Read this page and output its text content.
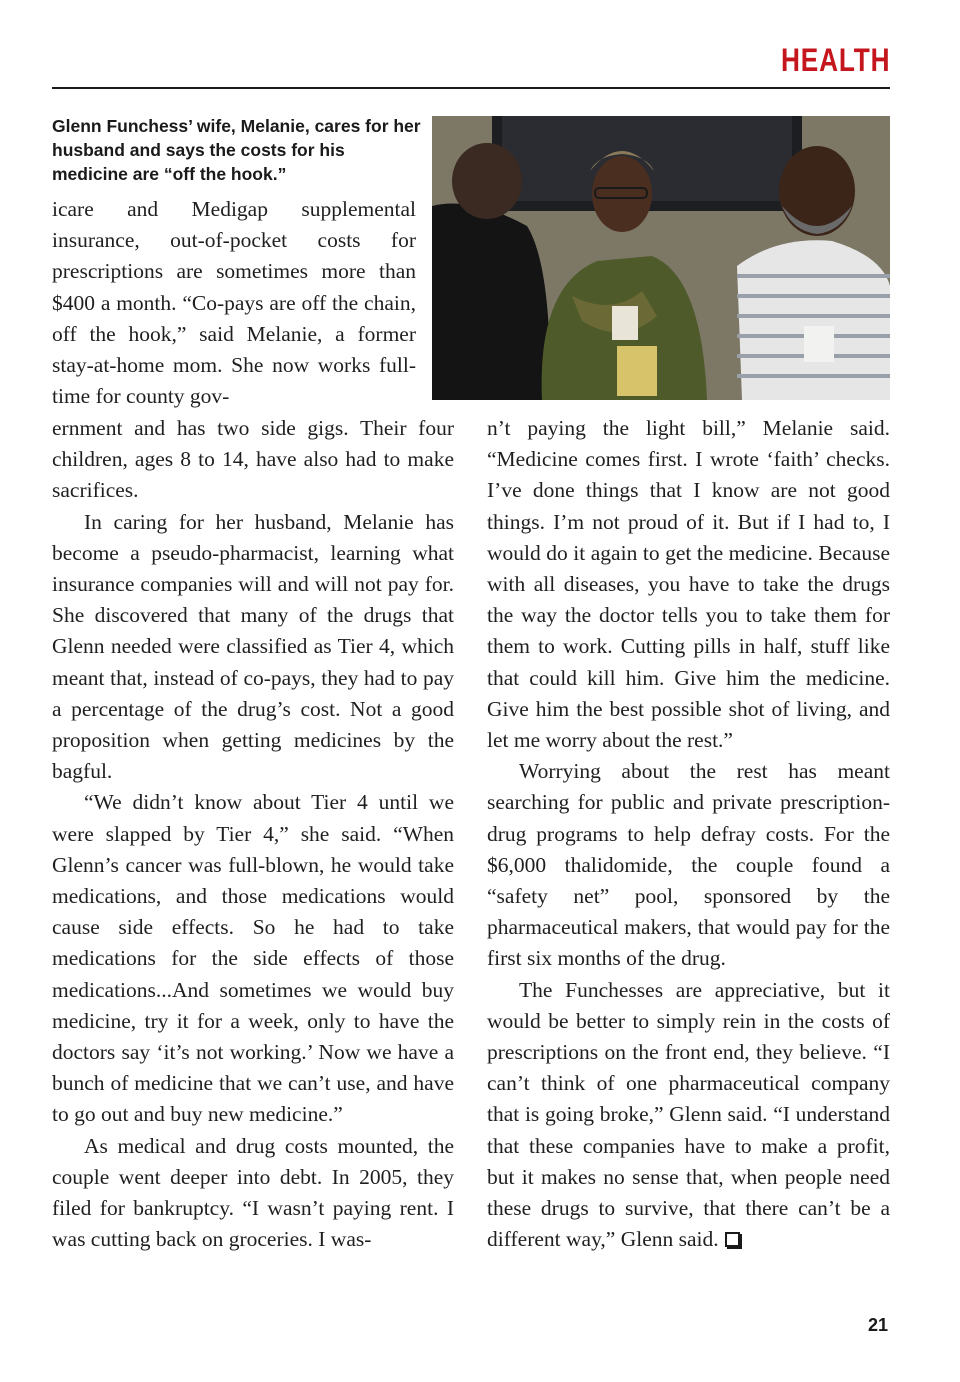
HEALTH
Glenn Funchess’ wife, Melanie, cares for her husband and says the costs for his medicine are “off the hook.”

icare and Medigap supplemental insurance, out-of-pocket costs for prescriptions are sometimes more than $400 a month. “Co-pays are off the chain, off the hook,” said Melanie, a former stay-at-home mom. She now works full-time for county gov-

ernment and has two side gigs. Their four children, ages 8 to 14, have also had to make sacrifices.

In caring for her husband, Melanie has become a pseudo-pharmacist, learning what insurance companies will and will not pay for. She discovered that many of the drugs that Glenn needed were classified as Tier 4, which meant that, instead of co-pays, they had to pay a percentage of the drug’s cost. Not a good proposition when getting medicines by the bagful.

“We didn’t know about Tier 4 until we were slapped by Tier 4,” she said. “When Glenn’s cancer was full-blown, he would take medications, and those medications would cause side effects. So he had to take medications for the side effects of those medications...And sometimes we would buy medicine, try it for a week, only to have the doctors say ‘it’s not working.’ Now we have a bunch of medicine that we can’t use, and have to go out and buy new medicine.”

As medical and drug costs mounted, the couple went deeper into debt. In 2005, they filed for bankruptcy. “I wasn’t paying rent. I was cutting back on groceries. I was-

n’t paying the light bill,” Melanie said. “Medicine comes first. I wrote ‘faith’ checks. I’ve done things that I know are not good things. I’m not proud of it. But if I had to, I would do it again to get the medicine. Because with all diseases, you have to take the drugs the way the doctor tells you to take them for them to work. Cutting pills in half, stuff like that could kill him. Give him the medicine. Give him the best possible shot of living, and let me worry about the rest.”

Worrying about the rest has meant searching for public and private prescription-drug programs to help defray costs. For the $6,000 thalidomide, the couple found a “safety net” pool, sponsored by the pharmaceutical makers, that would pay for the first six months of the drug.

The Funchesses are appreciative, but it would be better to simply rein in the costs of prescriptions on the front end, they believe. “I can’t think of one pharmaceutical company that is going broke,” Glenn said. “I understand that these companies have to make a profit, but it makes no sense that, when people need these drugs to survive, that there can’t be a different way,” Glenn said.

21
